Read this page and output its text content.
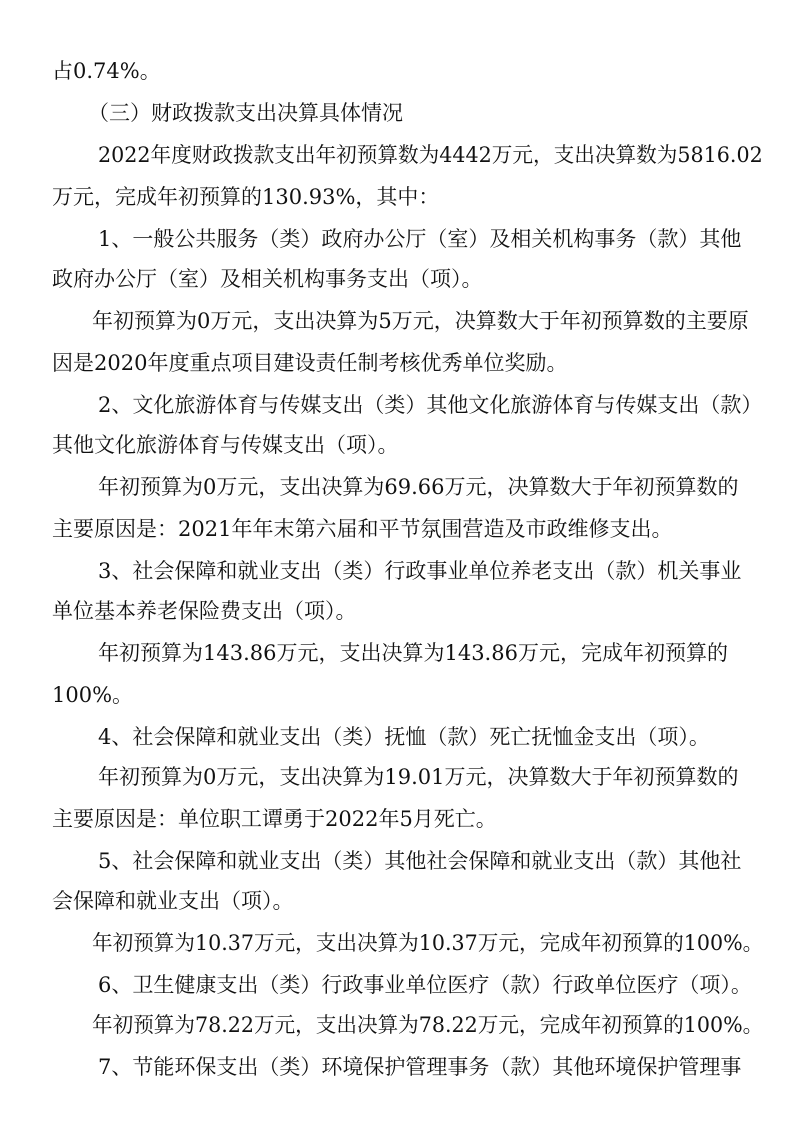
占0.74%。
（三）财政拨款支出决算具体情况
2022年度财政拨款支出年初预算数为4442万元，支出决算数为5816.02
万元，完成年初预算的130.93%，其中：
1、一般公共服务（类）政府办公厅（室）及相关机构事务（款）其他
政府办公厅（室）及相关机构事务支出（项）。
年初预算为0万元，支出决算为5万元，决算数大于年初预算数的主要原
因是2020年度重点项目建设责任制考核优秀单位奖励。
2、文化旅游体育与传媒支出（类）其他文化旅游体育与传媒支出（款）
其他文化旅游体育与传媒支出（项）。
年初预算为0万元，支出决算为69.66万元，决算数大于年初预算数的
主要原因是：2021年年末第六届和平节氛围营造及市政维修支出。
3、社会保障和就业支出（类）行政事业单位养老支出（款）机关事业
单位基本养老保险费支出（项）。
年初预算为143.86万元，支出决算为143.86万元，完成年初预算的
100%。
4、社会保障和就业支出（类）抚恤（款）死亡抚恤金支出（项）。
年初预算为0万元，支出决算为19.01万元，决算数大于年初预算数的
主要原因是：单位职工谭勇于2022年5月死亡。
5、社会保障和就业支出（类）其他社会保障和就业支出（款）其他社
会保障和就业支出（项）。
年初预算为10.37万元，支出决算为10.37万元，完成年初预算的100%。
6、卫生健康支出（类）行政事业单位医疗（款）行政单位医疗（项）。
年初预算为78.22万元，支出决算为78.22万元，完成年初预算的100%。
7、节能环保支出（类）环境保护管理事务（款）其他环境保护管理事
